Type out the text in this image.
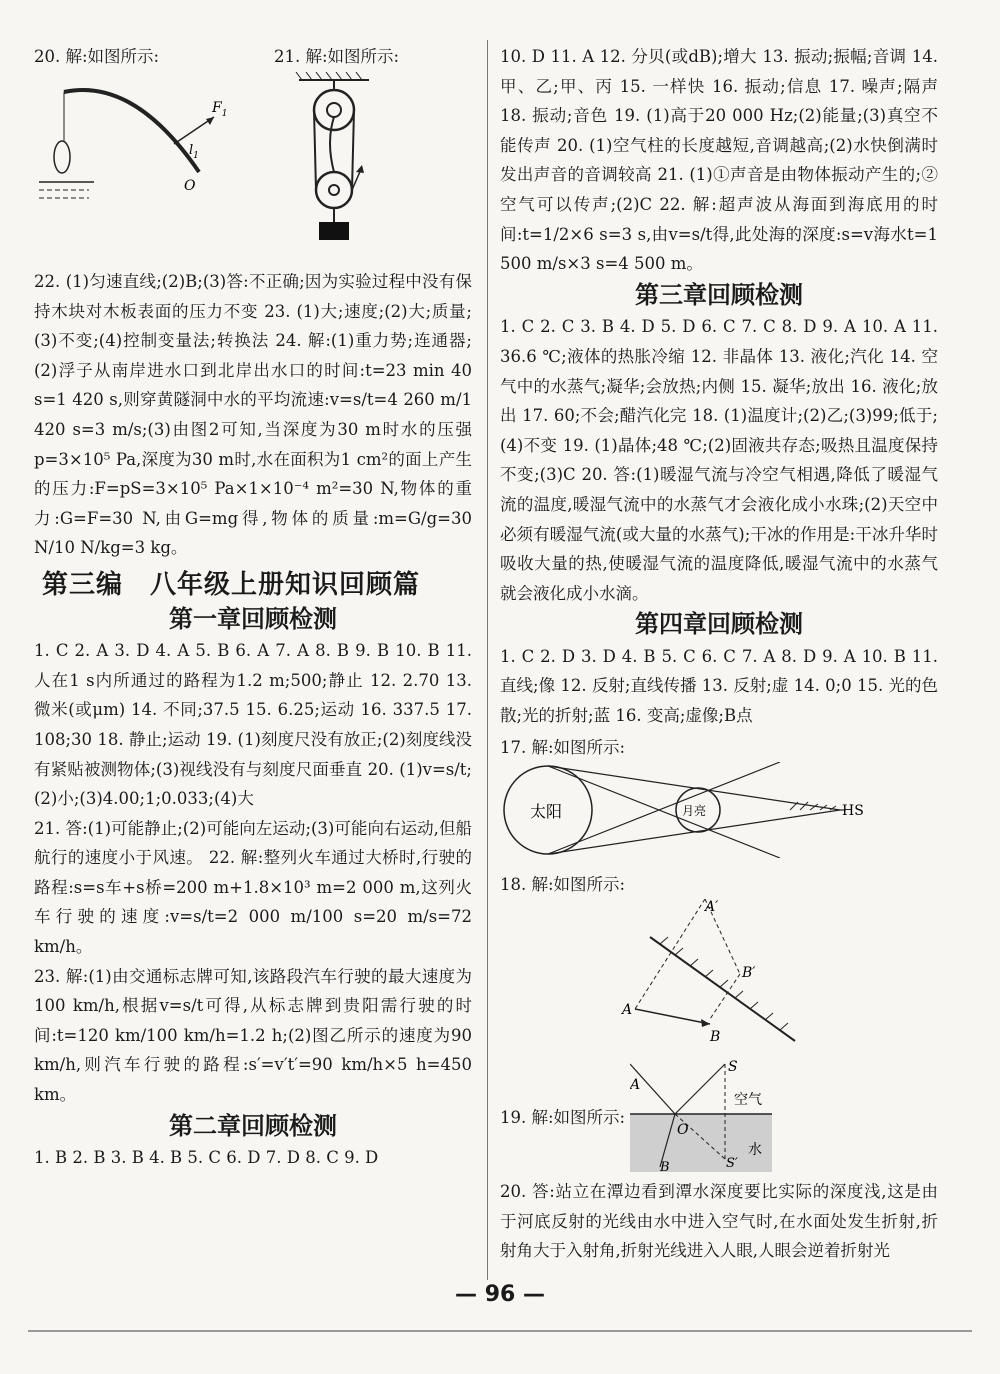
20. 解:如图所示:
$F_1$
$l_1$
O
21. 解:如图所示:

22. (1)匀速直线;(2)B;(3)答:不正确;因为实验过程中没有保持木块对木板表面的压力不变 23. (1)大;速度;(2)大;质量;(3)不变;(4)控制变量法;转换法 24. 解:(1)重力势;连通器;(2)浮子从南岸进水口到北岸出水口的时间:t=23 min 40 s=1 420 s,则穿黄隧洞中水的平均流速:v=s/t=4 260 m/1 420 s=3 m/s;(3)由图2可知,当深度为30 m时水的压强p=3×10⁵ Pa,深度为30 m时,水在面积为1 cm²的面上产生的压力:F=pS=3×10⁵ Pa×1×10⁻⁴ m²=30 N,物体的重力:G=F=30 N,由G=mg得,物体的质量:m=G/g=30 N/10 N/kg=3 kg。

第三编　八年级上册知识回顾篇
第一章回顾检测

1. C 2. A 3. D 4. A 5. B 6. A 7. A 8. B 9. B 10. B 11. 人在1 s内所通过的路程为1.2 m;500;静止 12. 2.70 13. 微米(或μm) 14. 不同;37.5 15. 6.25;运动 16. 337.5 17. 108;30 18. 静止;运动 19. (1)刻度尺没有放正;(2)刻度线没有紧贴被测物体;(3)视线没有与刻度尺面垂直 20. (1)v=s/t;(2)小;(3)4.00;1;0.033;(4)大

21. 答:(1)可能静止;(2)可能向左运动;(3)可能向右运动,但船航行的速度小于风速。 22. 解:整列火车通过大桥时,行驶的路程:s=s车+s桥=200 m+1.8×10³ m=2 000 m,这列火车行驶的速度:v=s/t=2 000 m/100 s=20 m/s=72 km/h。

23. 解:(1)由交通标志牌可知,该路段汽车行驶的最大速度为100 km/h,根据v=s/t可得,从标志牌到贵阳需行驶的时间:t=120 km/100 km/h=1.2 h;(2)图乙所示的速度为90 km/h,则汽车行驶的路程:s′=v′t′=90 km/h×5 h=450 km。

第二章回顾检测

1. B 2. B 3. B 4. B 5. C 6. D 7. D 8. C 9. D

10. D 11. A 12. 分贝(或dB);增大 13. 振动;振幅;音调 14. 甲、乙;甲、丙 15. 一样快 16. 振动;信息 17. 噪声;隔声 18. 振动;音色 19. (1)高于20 000 Hz;(2)能量;(3)真空不能传声 20. (1)空气柱的长度越短,音调越高;(2)水快倒满时发出声音的音调较高 21. (1)①声音是由物体振动产生的;②空气可以传声;(2)C 22. 解:超声波从海面到海底用的时间:t=1/2×6 s=3 s,由v=s/t得,此处海的深度:s=v海水t=1 500 m/s×3 s=4 500 m。

第三章回顾检测

1. C 2. C 3. B 4. D 5. D 6. C 7. C 8. D 9. A 10. A 11. 36.6 ℃;液体的热胀冷缩 12. 非晶体 13. 液化;汽化 14. 空气中的水蒸气;凝华;会放热;内侧 15. 凝华;放出 16. 液化;放出 17. 60;不会;醋汽化完 18. (1)温度计;(2)乙;(3)99;低于;(4)不变 19. (1)晶体;48 ℃;(2)固液共存态;吸热且温度保持不变;(3)C 20. 答:(1)暖湿气流与冷空气相遇,降低了暖湿气流的温度,暖湿气流中的水蒸气才会液化成小水珠;(2)天空中必须有暖湿气流(或大量的水蒸气);干冰的作用是:干冰升华时吸收大量的热,使暖湿气流的温度降低,暖湿气流中的水蒸气就会液化成小水滴。

第四章回顾检测

1. C 2. D 3. D 4. B 5. C 6. C 7. A 8. D 9. A 10. B 11. 直线;像 12. 反射;直线传播 13. 反射;虚 14. 0;0 15. 光的色散;光的折射;蓝 16. 变高;虚像;B点

17. 解:如图所示:
太阳	月亮	HS
18. 解:如图所示:
A′
B′
A
B
19. 解:如图所示:
S
A
空气
O
水
B	S′

20. 答:站立在潭边看到潭水深度要比实际的深度浅,这是由于河底反射的光线由水中进入空气时,在水面处发生折射,折射角大于入射角,折射光线进入人眼,人眼会逆着折射光

— 96 —
